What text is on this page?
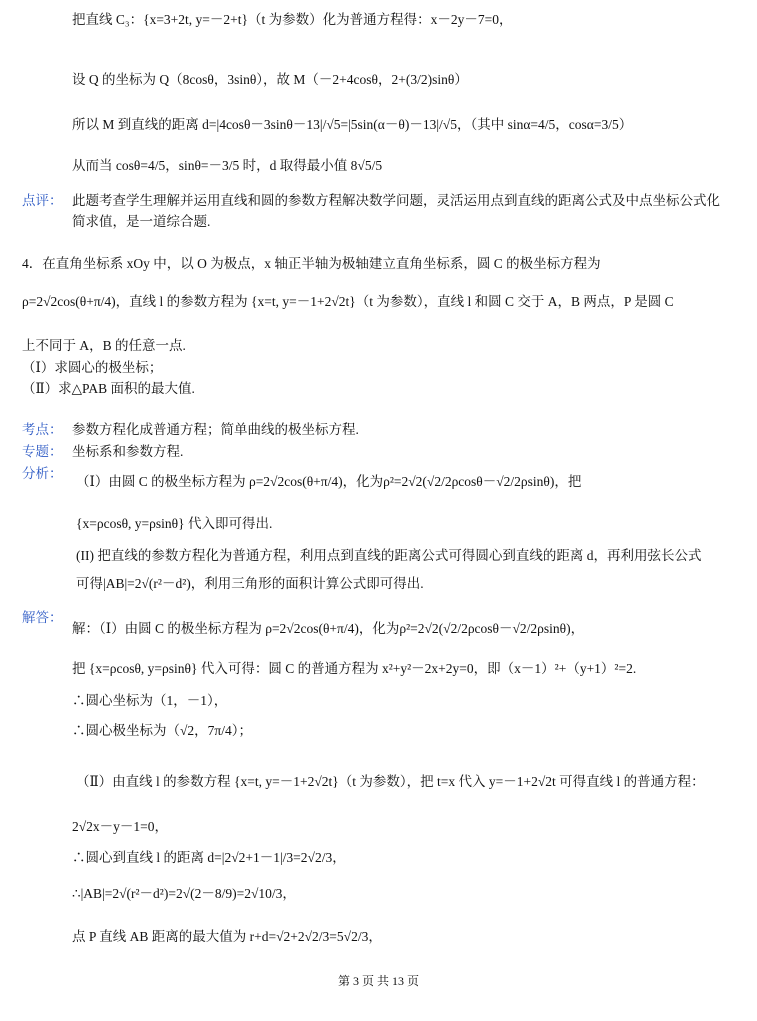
把直线 C₃：{x=3+2t, y=－2+t}（t 为参数）化为普通方程得：x－2y－7=0，
设 Q 的坐标为 Q（8cosθ，3sinθ），故 M（－2+4cosθ，2+(3/2)sinθ）
所以 M 到直线的距离 d=|4cosθ－3sinθ－13|/√5=|5sin(α－θ)－13|/√5，（其中 sinα=4/5，cosα=3/5）
从而当 cosθ=4/5，sinθ=－3/5 时，d 取得最小值 8√5/5
点评： 此题考查学生理解并运用直线和圆的参数方程解决数学问题，灵活运用点到直线的距离公式及中点坐标公式化
简求值，是一道综合题.
4．在直角坐标系 xOy 中，以 O 为极点，x 轴正半轴为极轴建立直角坐标系，圆 C 的极坐标方程为
ρ=2√2cos(θ+π/4)，直线 l 的参数方程为 {x=t, y=－1+2√2t}（t 为参数），直线 l 和圆 C 交于 A，B 两点，P 是圆 C
上不同于 A，B 的任意一点.
（Ⅰ）求圆心的极坐标；
（Ⅱ）求△PAB 面积的最大值.
考点： 参数方程化成普通方程；简单曲线的极坐标方程.
专题： 坐标系和参数方程.
分析：
（Ⅰ）由圆 C 的极坐标方程为 ρ=2√2cos(θ+π/4)，化为ρ²=2√2(√2/2ρcosθ－√2/2ρsinθ)，把
{x=ρcosθ, y=ρsinθ} 代入即可得出.
(II) 把直线的参数方程化为普通方程，利用点到直线的距离公式可得圆心到直线的距离 d，再利用弦长公式
可得|AB|=2√(r²－d²)，利用三角形的面积计算公式即可得出.
解答：
解：（Ⅰ）由圆 C 的极坐标方程为 ρ=2√2cos(θ+π/4)，化为ρ²=2√2(√2/2ρcosθ－√2/2ρsinθ)，
把 {x=ρcosθ, y=ρsinθ} 代入可得：圆 C 的普通方程为 x²+y²－2x+2y=0，即（x－1）²+（y+1）²=2.
∴圆心坐标为（1，－1），
∴圆心极坐标为（√2，7π/4）；
（Ⅱ）由直线 l 的参数方程 {x=t, y=－1+2√2t}（t 为参数），把 t=x 代入 y=－1+2√2t 可得直线 l 的普通方程：
2√2x－y－1=0，
∴圆心到直线 l 的距离 d=|2√2+1－1|/3=2√2/3，
∴|AB|=2√(r²－d²)=2√(2－8/9)=2√10/3，
点 P 直线 AB 距离的最大值为 r+d=√2+2√2/3=5√2/3，
第 3 页 共 13 页
